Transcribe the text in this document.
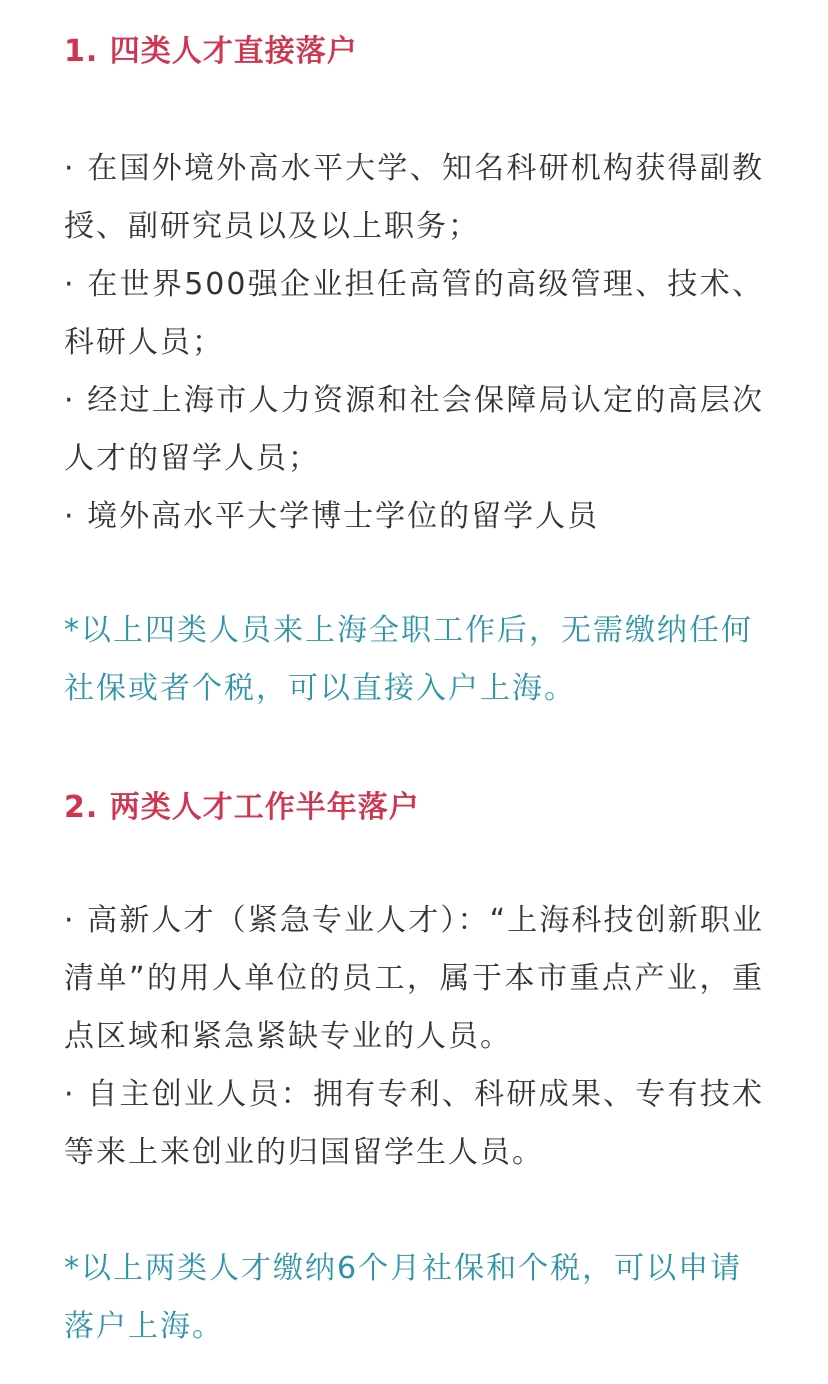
1. 四类人才直接落户

· 在国外境外高水平大学、知名科研机构获得副教授、副研究员以及以上职务；

· 在世界500强企业担任高管的高级管理、技术、科研人员；

· 经过上海市人力资源和社会保障局认定的高层次人才的留学人员；

· 境外高水平大学博士学位的留学人员

*以上四类人员来上海全职工作后，无需缴纳任何社保或者个税，可以直接入户上海。
2. 两类人才工作半年落户

· 高新人才（紧急专业人才）：“上海科技创新职业清单”的用人单位的员工，属于本市重点产业，重点区域和紧急紧缺专业的人员。

· 自主创业人员：拥有专利、科研成果、专有技术等来上来创业的归国留学生人员。

*以上两类人才缴纳6个月社保和个税，可以申请落户上海。
